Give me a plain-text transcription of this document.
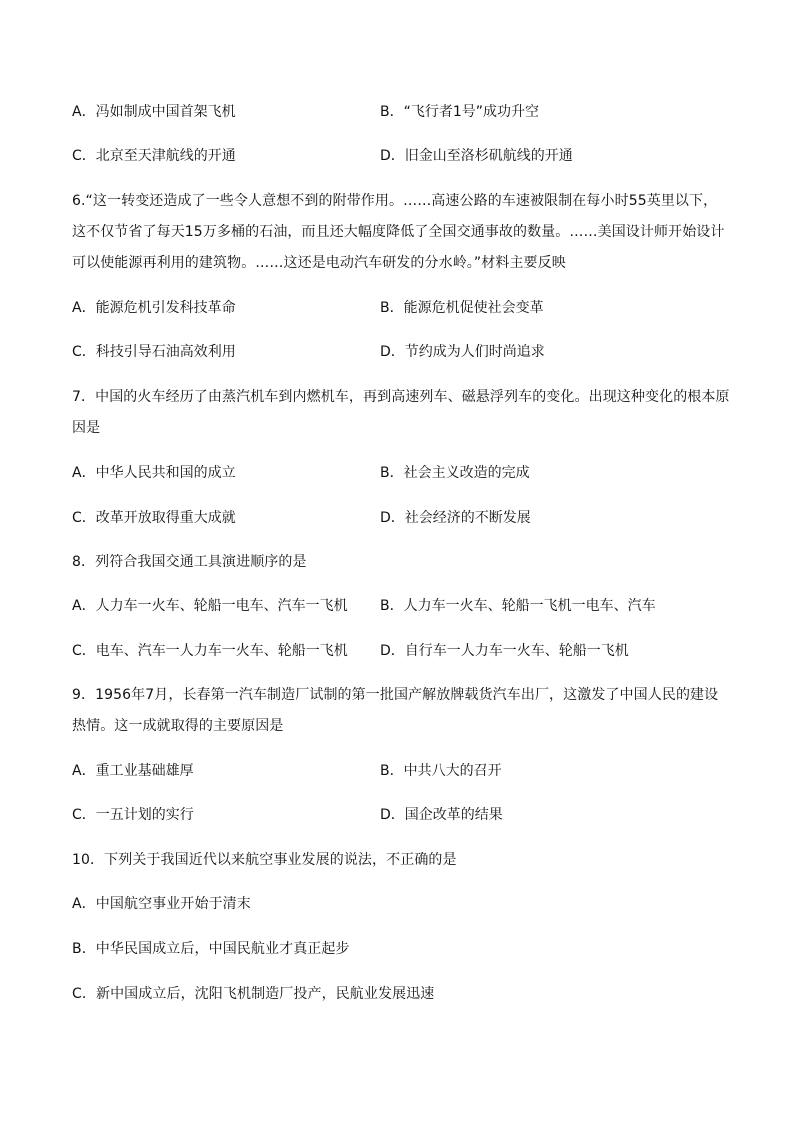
A．冯如制成中国首架飞机	B．“飞行者1号”成功升空
C．北京至天津航线的开通	D．旧金山至洛杉矶航线的开通
6.“这一转变还造成了一些令人意想不到的附带作用。……高速公路的车速被限制在每小时55英里以下，
这不仅节省了每天15万多桶的石油，而且还大幅度降低了全国交通事故的数量。……美国设计师开始设计
可以使能源再利用的建筑物。……这还是电动汽车研发的分水岭。”材料主要反映
A．能源危机引发科技革命	B．能源危机促使社会变革
C．科技引导石油高效利用	D．节约成为人们时尚追求
7．中国的火车经历了由蒸汽机车到内燃机车，再到高速列车、磁悬浮列车的变化。出现这种变化的根本原
因是
A．中华人民共和国的成立	B．社会主义改造的完成
C．改革开放取得重大成就	D．社会经济的不断发展
8．列符合我国交通工具演进顺序的是
A．人力车一火车、轮船一电车、汽车一飞机 B．人力车一火车、轮船一飞机一电车、汽车
C．电车、汽车一人力车一火车、轮船一飞机 D．自行车一人力车一火车、轮船一飞机
9．1956年7月，长春第一汽车制造厂试制的第一批国产解放牌载货汽车出厂，这激发了中国人民的建设
热情。这一成就取得的主要原因是
A．重工业基础雄厚	B．中共八大的召开
C．一五计划的实行	D．国企改革的结果
10．下列关于我国近代以来航空事业发展的说法，不正确的是
A．中国航空事业开始于清末
B．中华民国成立后，中国民航业才真正起步
C．新中国成立后，沈阳飞机制造厂投产，民航业发展迅速
